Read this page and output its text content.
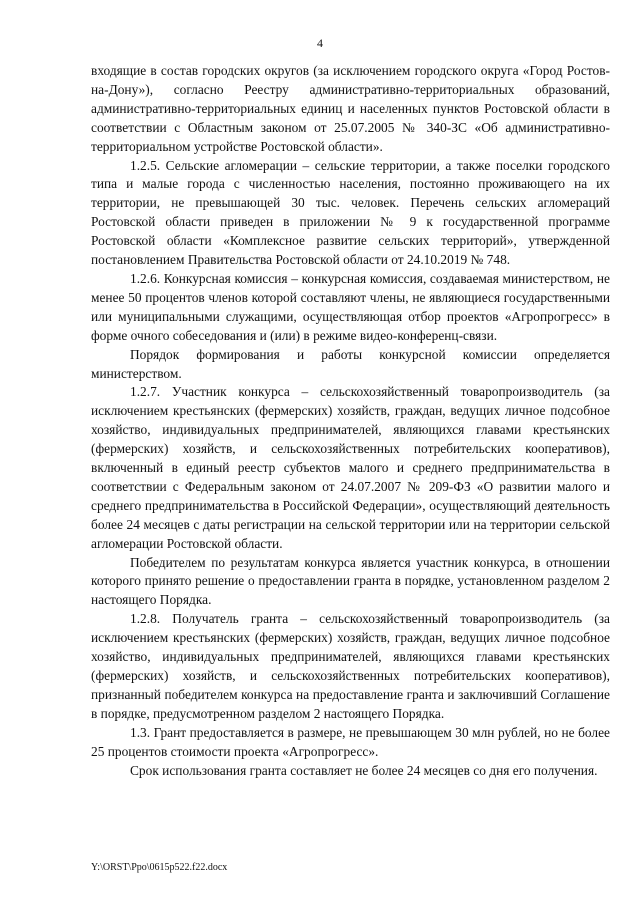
4

входящие в состав городских округов (за исключением городского округа «Город Ростов-на-Дону»), согласно Реестру административно-территориальных образований, административно-территориальных единиц и населенных пунктов Ростовской области в соответствии с Областным законом от 25.07.2005 № 340-ЗС «Об административно-территориальном устройстве Ростовской области».

1.2.5. Сельские агломерации – сельские территории, а также поселки городского типа и малые города с численностью населения, постоянно проживающего на их территории, не превышающей 30 тыс. человек. Перечень сельских агломераций Ростовской области приведен в приложении № 9 к государственной программе Ростовской области «Комплексное развитие сельских территорий», утвержденной постановлением Правительства Ростовской области от 24.10.2019 № 748.

1.2.6. Конкурсная комиссия – конкурсная комиссия, создаваемая министерством, не менее 50 процентов членов которой составляют члены, не являющиеся государственными или муниципальными служащими, осуществляющая отбор проектов «Агропрогресс» в форме очного собеседования и (или) в режиме видео-конференц-связи.

Порядок формирования и работы конкурсной комиссии определяется министерством.

1.2.7. Участник конкурса – сельскохозяйственный товаропроизводитель (за исключением крестьянских (фермерских) хозяйств, граждан, ведущих личное подсобное хозяйство, индивидуальных предпринимателей, являющихся главами крестьянских (фермерских) хозяйств, и сельскохозяйственных потребительских кооперативов), включенный в единый реестр субъектов малого и среднего предпринимательства в соответствии с Федеральным законом от 24.07.2007 № 209-ФЗ «О развитии малого и среднего предпринимательства в Российской Федерации», осуществляющий деятельность более 24 месяцев с даты регистрации на сельской территории или на территории сельской агломерации Ростовской области.

Победителем по результатам конкурса является участник конкурса, в отношении которого принято решение о предоставлении гранта в порядке, установленном разделом 2 настоящего Порядка.

1.2.8. Получатель гранта – сельскохозяйственный товаропроизводитель (за исключением крестьянских (фермерских) хозяйств, граждан, ведущих личное подсобное хозяйство, индивидуальных предпринимателей, являющихся главами крестьянских (фермерских) хозяйств, и сельскохозяйственных потребительских кооперативов), признанный победителем конкурса на предоставление гранта и заключивший Соглашение в порядке, предусмотренном разделом 2 настоящего Порядка.

1.3. Грант предоставляется в размере, не превышающем 30 млн рублей, но не более 25 процентов стоимости проекта «Агропрогресс».

Срок использования гранта составляет не более 24 месяцев со дня его получения.

Y:\ORST\Ppo\0615p522.f22.docx
